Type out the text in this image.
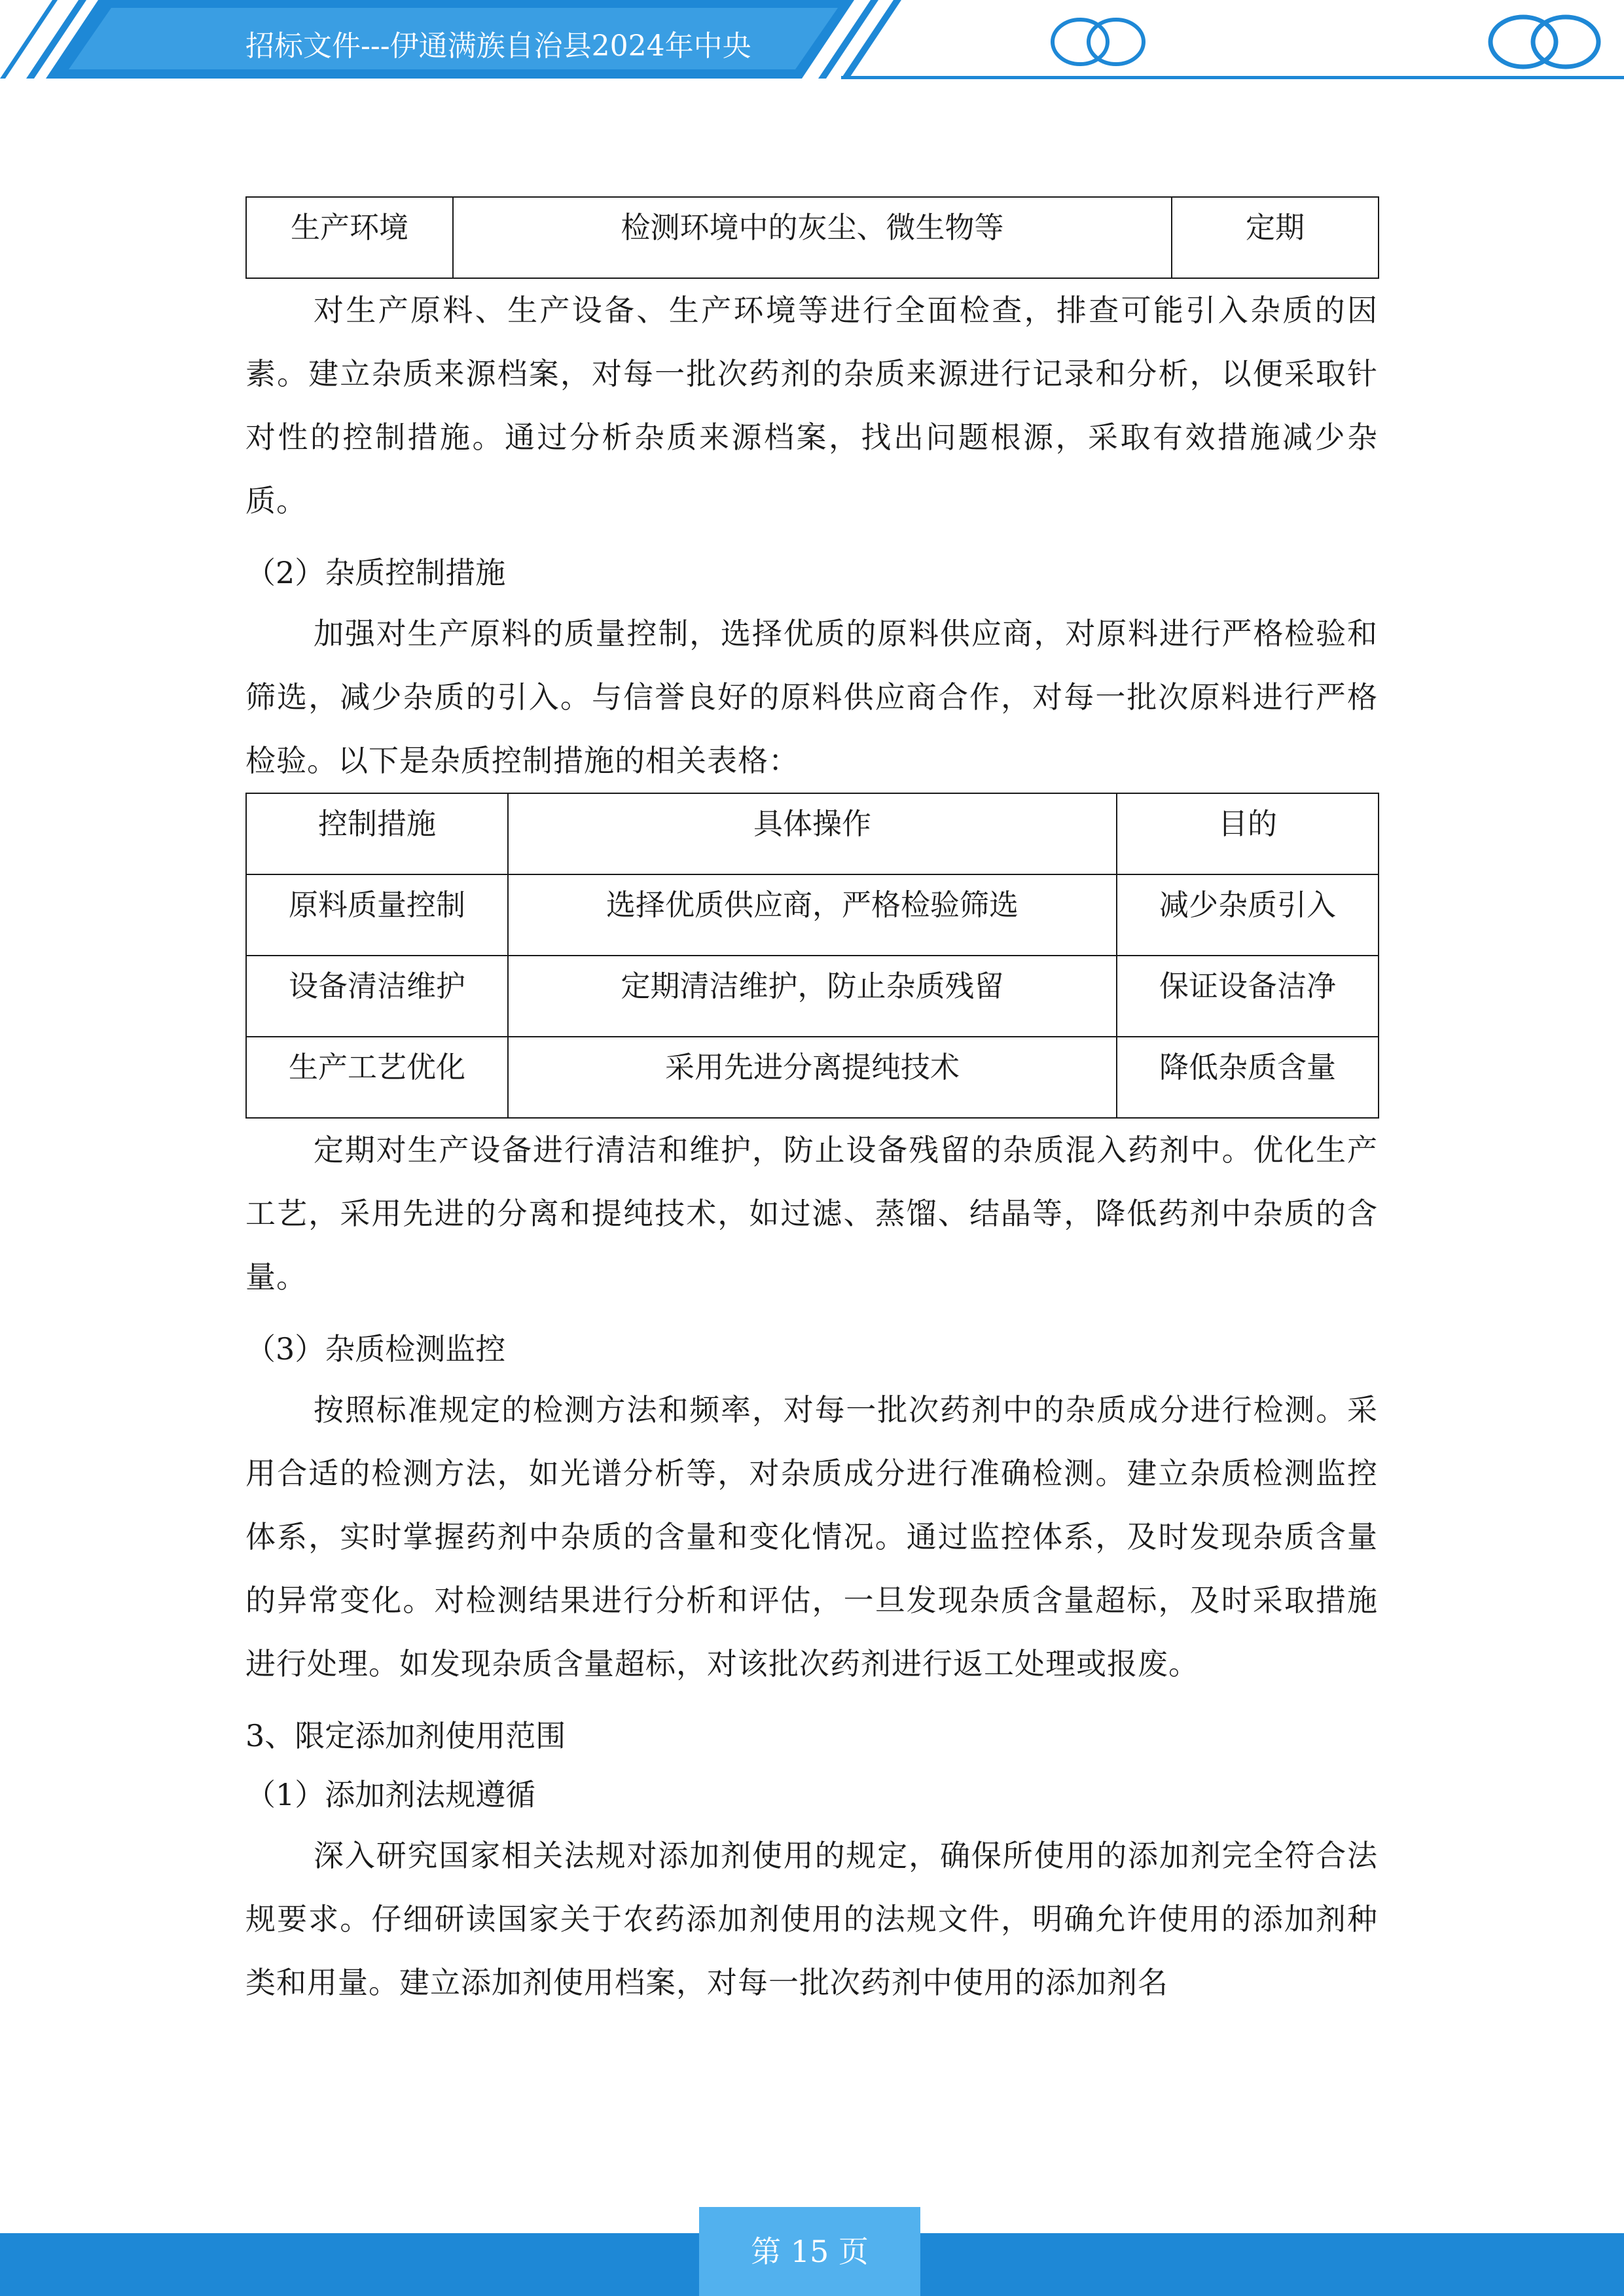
招标文件---伊通满族自治县2024年中央
生产环境	检测环境中的灰尘、微生物等	定期

对生产原料、生产设备、生产环境等进行全面检查，排查可能引入杂质的因素。建立杂质来源档案，对每一批次药剂的杂质来源进行记录和分析，以便采取针对性的控制措施。通过分析杂质来源档案，找出问题根源，采取有效措施减少杂质。

（2）杂质控制措施

加强对生产原料的质量控制，选择优质的原料供应商，对原料进行严格检验和筛选，减少杂质的引入。与信誉良好的原料供应商合作，对每一批次原料进行严格检验。以下是杂质控制措施的相关表格：

控制措施	具体操作	目的
原料质量控制	选择优质供应商，严格检验筛选	减少杂质引入
设备清洁维护	定期清洁维护，防止杂质残留	保证设备洁净
生产工艺优化	采用先进分离提纯技术	降低杂质含量

定期对生产设备进行清洁和维护，防止设备残留的杂质混入药剂中。优化生产工艺，采用先进的分离和提纯技术，如过滤、蒸馏、结晶等，降低药剂中杂质的含量。

（3）杂质检测监控

按照标准规定的检测方法和频率，对每一批次药剂中的杂质成分进行检测。采用合适的检测方法，如光谱分析等，对杂质成分进行准确检测。建立杂质检测监控体系，实时掌握药剂中杂质的含量和变化情况。通过监控体系，及时发现杂质含量的异常变化。对检测结果进行分析和评估，一旦发现杂质含量超标，及时采取措施进行处理。如发现杂质含量超标，对该批次药剂进行返工处理或报废。

3、限定添加剂使用范围

（1）添加剂法规遵循

深入研究国家相关法规对添加剂使用的规定，确保所使用的添加剂完全符合法规要求。仔细研读国家关于农药添加剂使用的法规文件，明确允许使用的添加剂种类和用量。建立添加剂使用档案，对每一批次药剂中使用的添加剂名

第 15 页
